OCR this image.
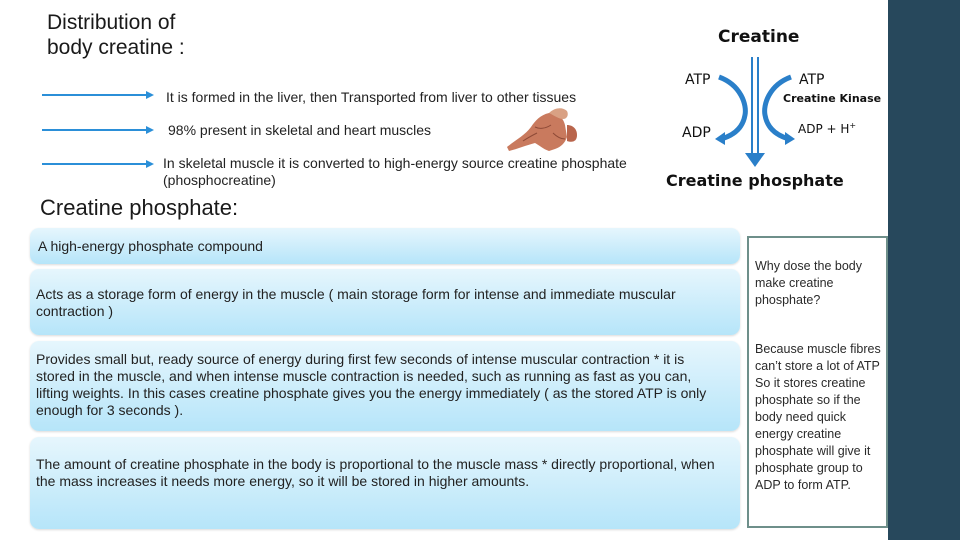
Distribution of
body creatine :
It is formed in the liver, then Transported from liver to other tissues
98% present in skeletal and heart muscles
In skeletal muscle it is converted to high-energy source creatine phosphate (phosphocreatine)
Creatine
ATP	ATP
Creatine Kinase
ADP	ADP + H+
Creatine phosphate
Creatine phosphate:
A high-energy phosphate compound
Acts as a storage form of energy in the muscle ( main storage form for intense and immediate muscular contraction )
Provides small but, ready source of energy during first few seconds of intense muscular contraction * it is stored in the muscle, and when intense muscle contraction is needed, such as running as fast as you can, lifting weights. In this cases creatine phosphate gives you the energy immediately ( as the stored ATP is only enough for 3 seconds ).
The amount of creatine phosphate in the body is proportional to the muscle mass * directly proportional, when the mass increases it needs more energy, so it will be stored in higher amounts.
Why dose the body make creatine phosphate?
Because muscle fibres can’t store a lot of ATP
So it stores creatine phosphate so if the body need quick energy creatine phosphate will give it phosphate group to ADP to form ATP.
